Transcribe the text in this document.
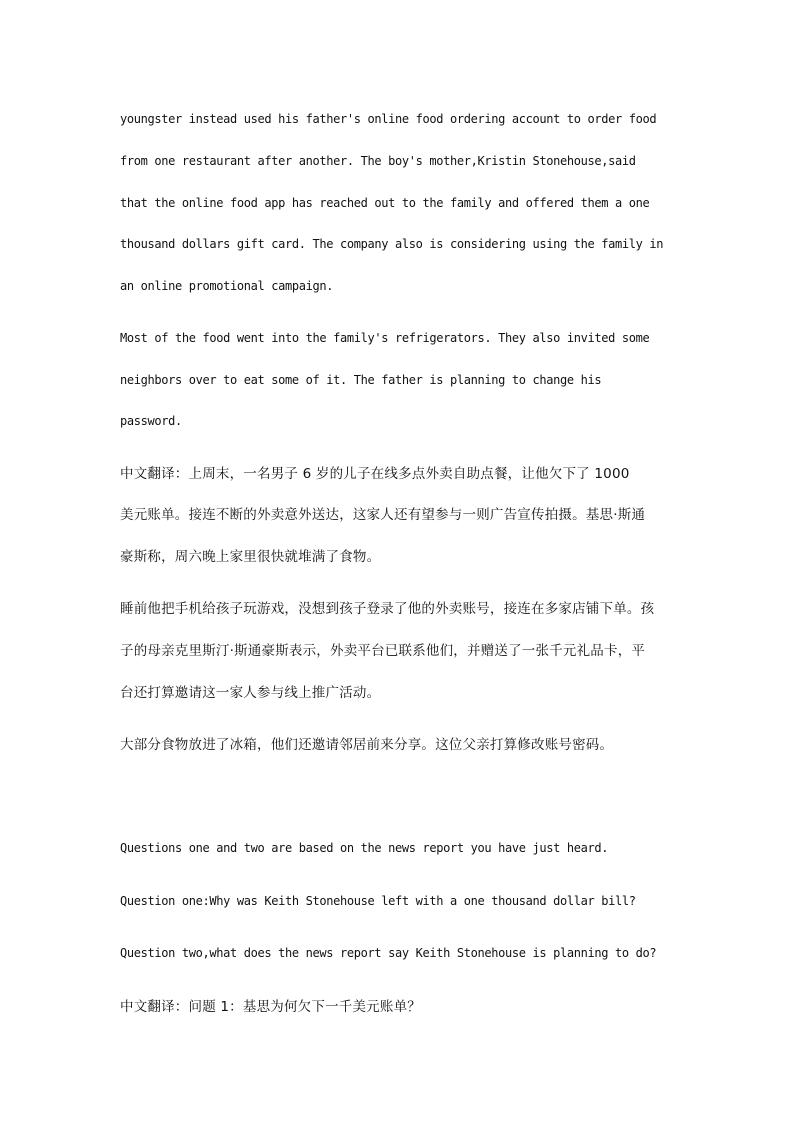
youngster instead used his father's online food ordering account to order food
from one restaurant after another. The boy's mother,Kristin Stonehouse,said
that the online food app has reached out to the family and offered them a one
thousand dollars gift card. The company also is considering using the family in
an online promotional campaign.
Most of the food went into the family's refrigerators. They also invited some
neighbors over to eat some of it. The father is planning to change his
password.
中文翻译：上周末，一名男子 6 岁的儿子在线多点外卖自助点餐，让他欠下了 1000
美元账单。接连不断的外卖意外送达，这家人还有望参与一则广告宣传拍摄。基思·斯通
豪斯称，周六晚上家里很快就堆满了食物。
睡前他把手机给孩子玩游戏，没想到孩子登录了他的外卖账号，接连在多家店铺下单。孩
子的母亲克里斯汀·斯通豪斯表示，外卖平台已联系他们，并赠送了一张千元礼品卡，平
台还打算邀请这一家人参与线上推广活动。
大部分食物放进了冰箱，他们还邀请邻居前来分享。这位父亲打算修改账号密码。
Questions one and two are based on the news report you have just heard.
Question one:Why was Keith Stonehouse left with a one thousand dollar bill?
Question two,what does the news report say Keith Stonehouse is planning to do?
中文翻译：问题 1：基思为何欠下一千美元账单？
